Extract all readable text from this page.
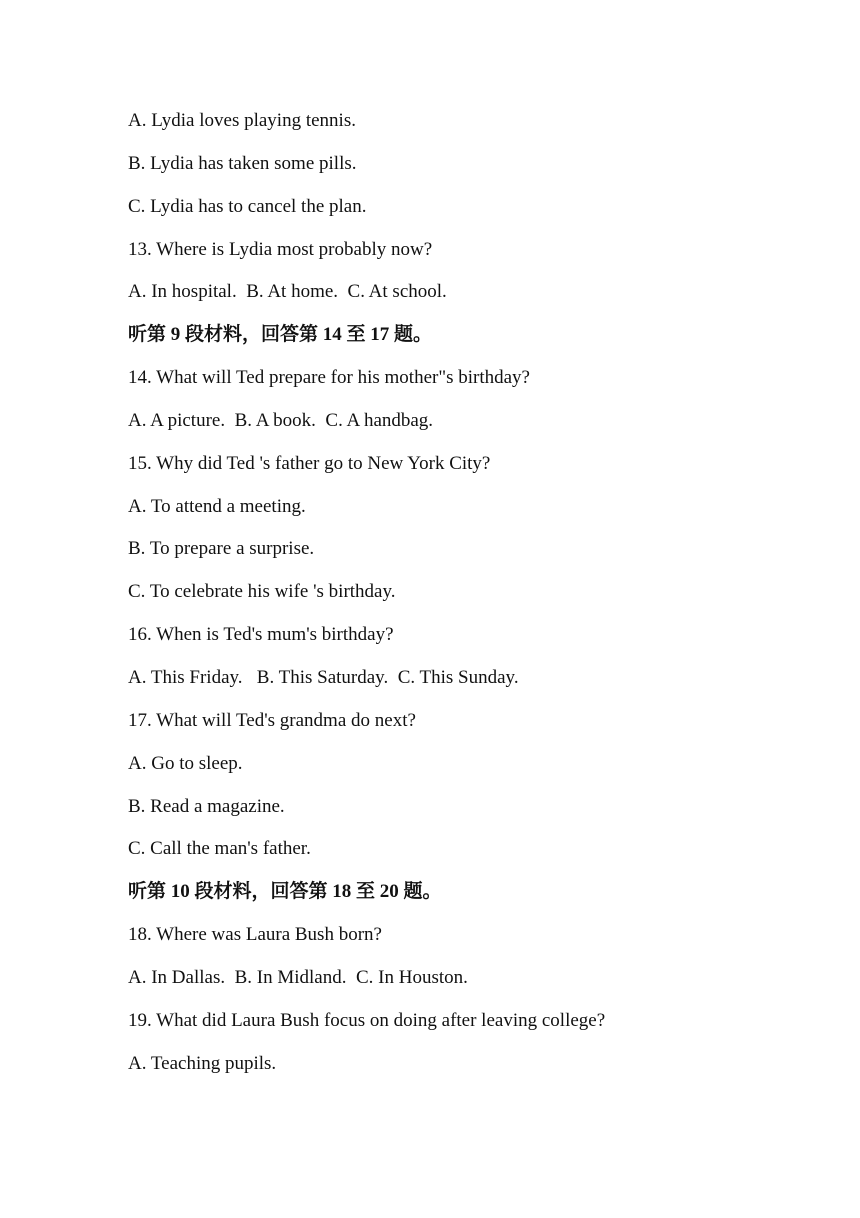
A. Lydia loves playing tennis.
B. Lydia has taken some pills.
C. Lydia has to cancel the plan.
13. Where is Lydia most probably now?
A. In hospital.  B. At home.  C. At school.
听第 9 段材料，回答第 14 至 17 题。
14. What will Ted prepare for his mother"s birthday?
A. A picture.  B. A book.  C. A handbag.
15. Why did Ted 's father go to New York City?
A. To attend a meeting.
B. To prepare a surprise.
C. To celebrate his wife 's birthday.
16. When is Ted's mum's birthday?
A. This Friday.   B. This Saturday.  C. This Sunday.
17. What will Ted's grandma do next?
A. Go to sleep.
B. Read a magazine.
C. Call the man's father.
听第 10 段材料，回答第 18 至 20 题。
18. Where was Laura Bush born?
A. In Dallas.  B. In Midland.  C. In Houston.
19. What did Laura Bush focus on doing after leaving college?
A. Teaching pupils.
